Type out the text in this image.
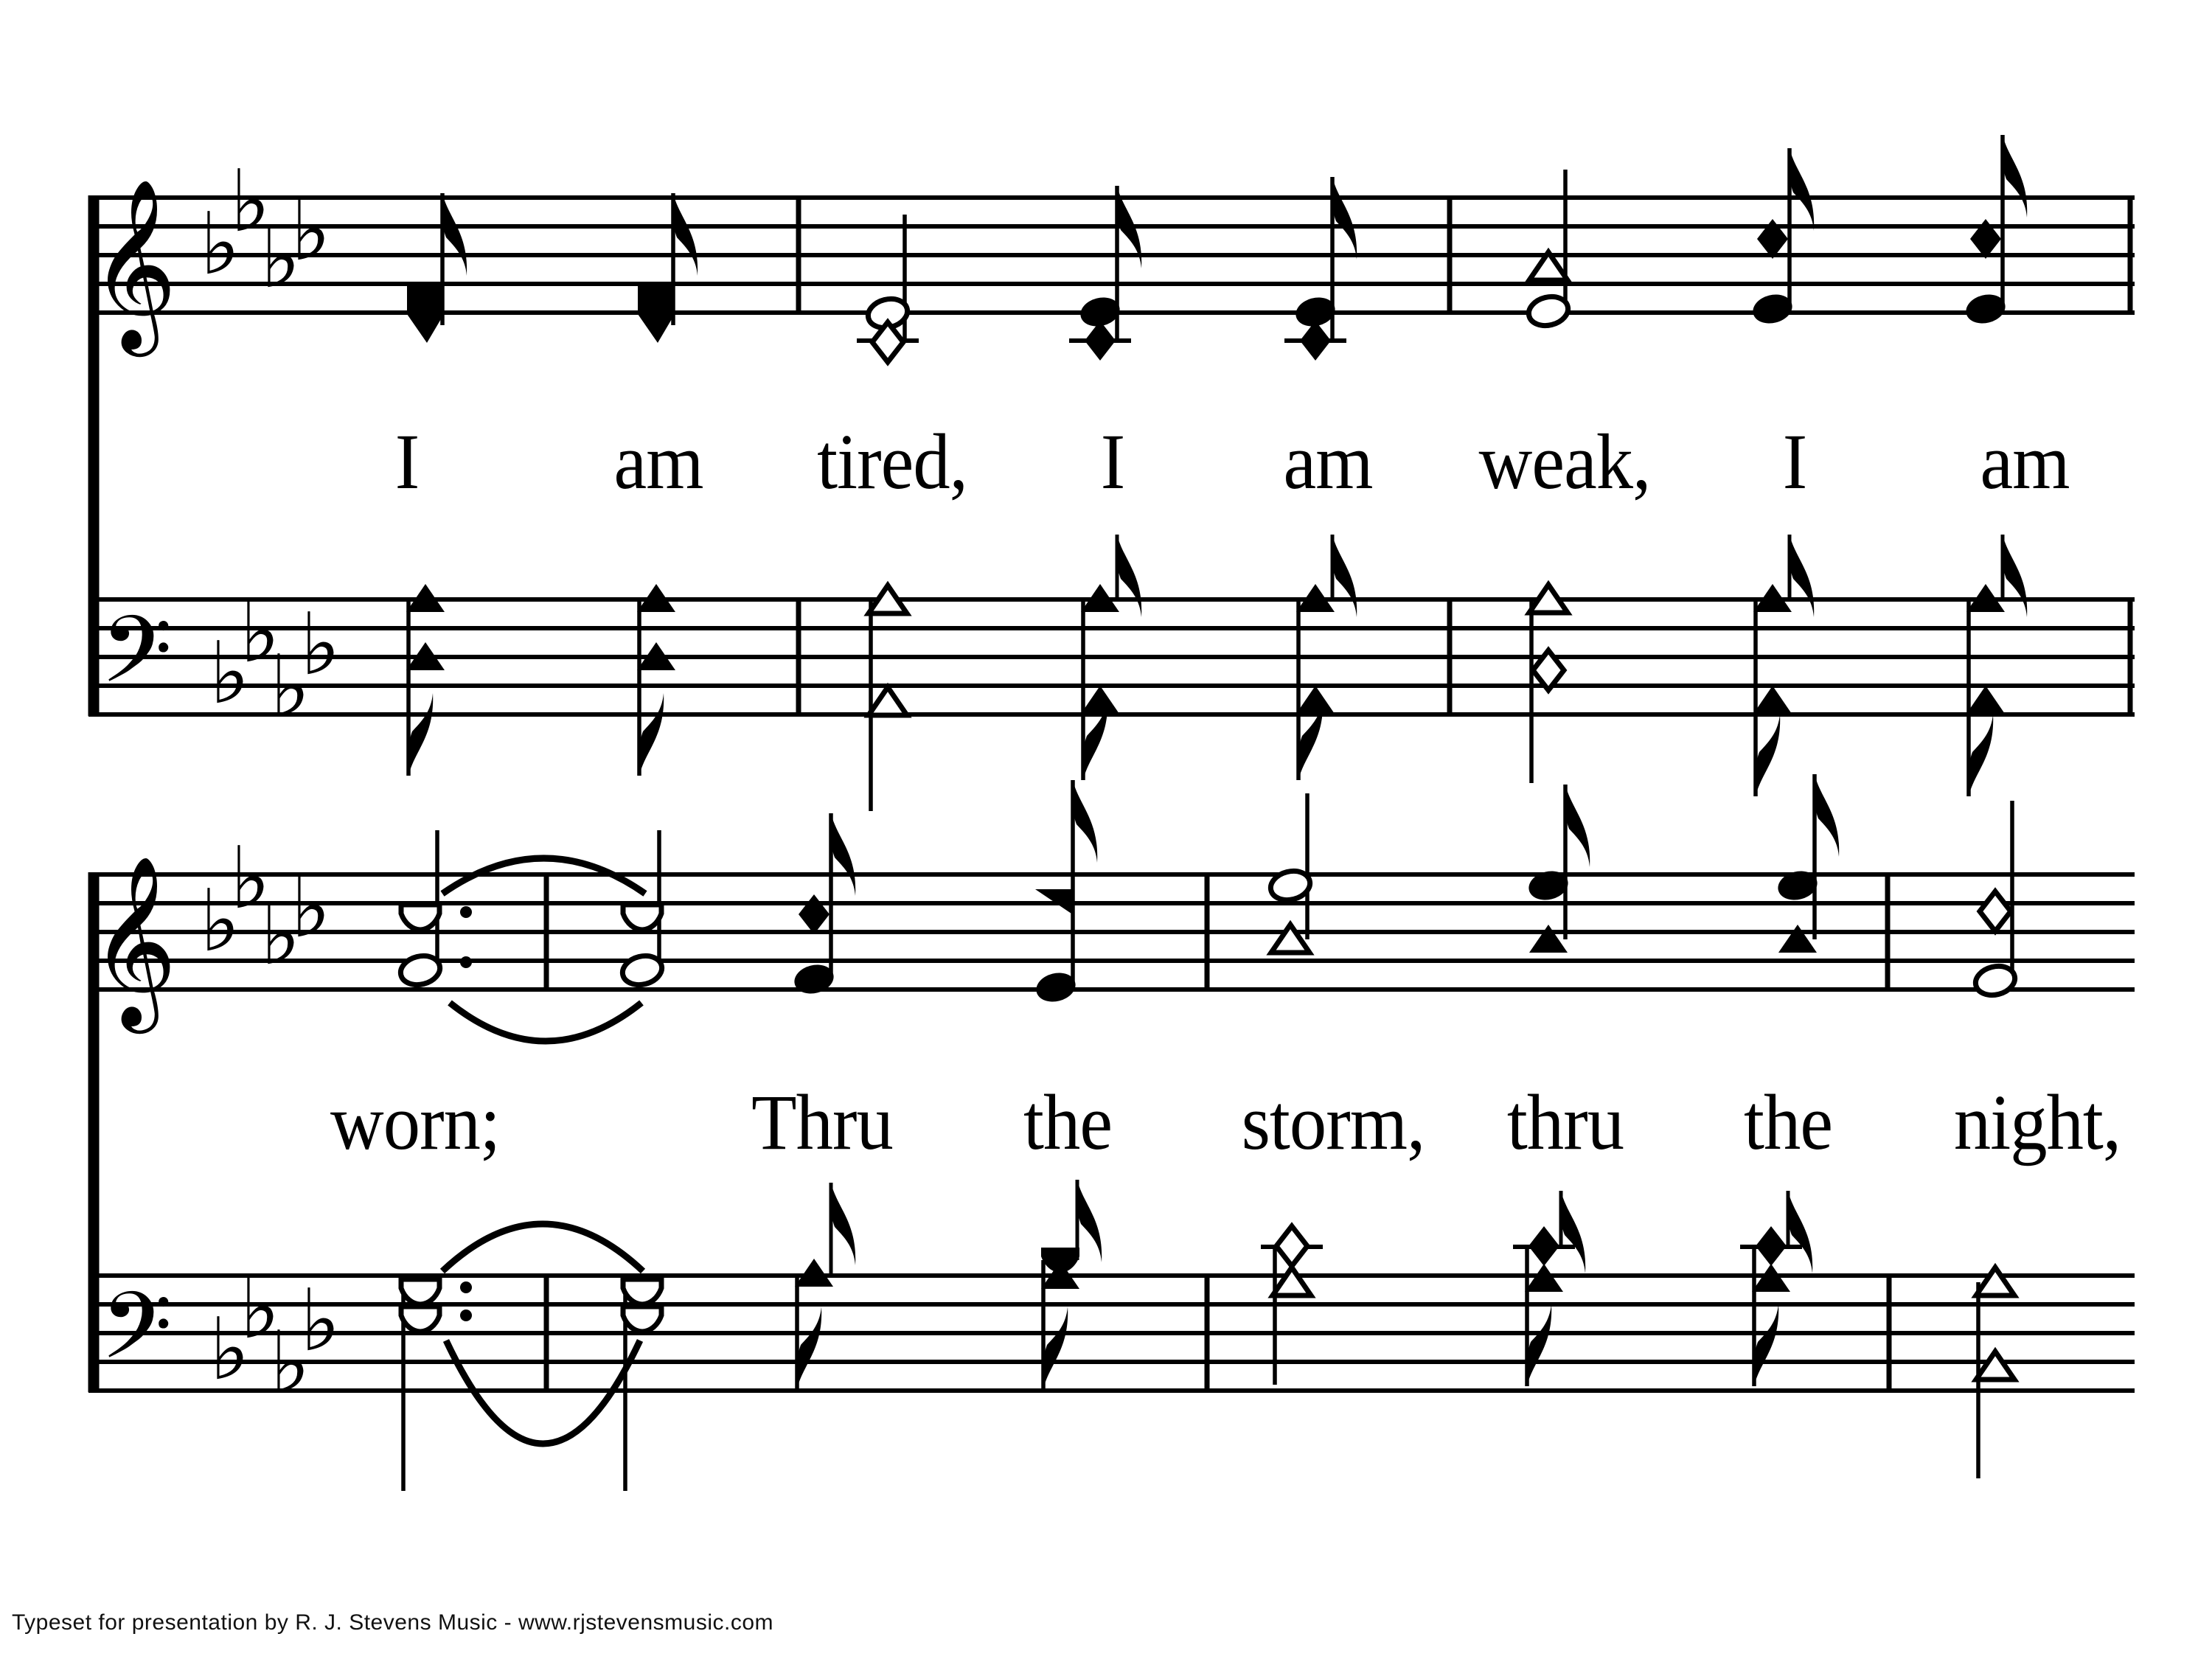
𝄞 ♭
♭
♭
♭
𝄢 ♭
♭
♭
♭
𝄞 ♭
♭
♭
♭
𝄢 ♭
♭
♭
♭
I am tired, I am weak, I am
worn;	Thru the storm, thru the night,
Typeset for presentation by R. J. Stevens Music - www.rjstevensmusic.com
